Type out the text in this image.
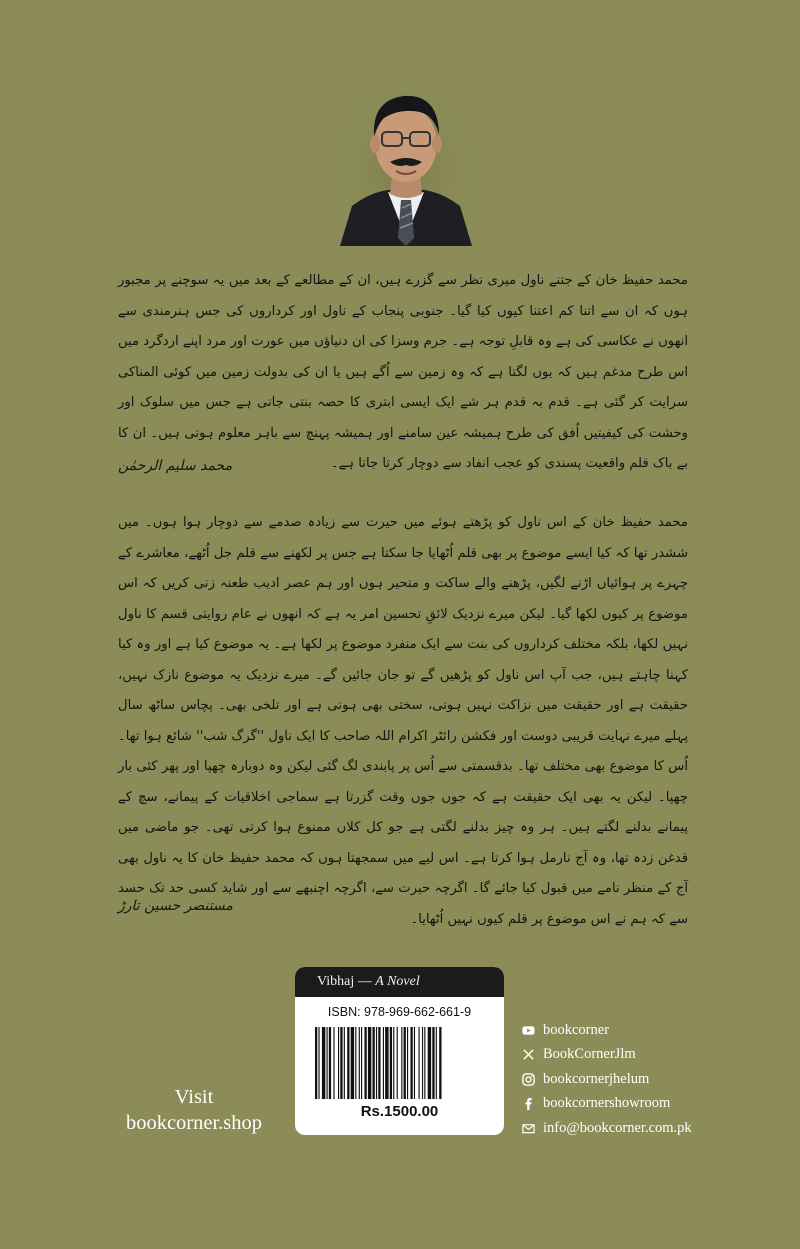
محمد حفیظ خان کے جتنے ناول میری نظر سے گزرے ہیں، ان کے مطالعے کے بعد میں یہ سوچنے پر مجبور ہوں کہ ان سے اتنا کم اعتنا کیوں کیا گیا۔ جنوبی پنجاب کے ناول اور کرداروں کی جس ہنرمندی سے انھوں نے عکاسی کی ہے وہ قابلِ توجہ ہے۔ جرم وسزا کی ان دنیاؤں میں عورت اور مرد اپنے اردگرد میں اس طرح مدغم ہیں کہ یوں لگتا ہے کہ وہ زمین سے اُگے ہیں یا ان کی بدولت زمین میں کوئی المناکی سرایت کر گئی ہے۔ قدم بہ قدم ہر شے ایک ایسی ابتری کا حصہ بنتی جاتی ہے جس میں سلوک اور وحشت کی کیفیتیں اُفق کی طرح ہمیشہ عین سامنے اور ہمیشہ پہنچ سے باہر معلوم ہوتی ہیں۔ ان کا بے باک قلم واقعیت پسندی کو عجب انفاد سے دوچار کرتا جاتا ہے۔

محمد سلیم الرحمٰن

محمد حفیظ خان کے اس ناول کو پڑھتے ہوئے میں حیرت سے زیادہ صدمے سے دوچار ہوا ہوں۔ میں ششدر تھا کہ کیا ایسے موضوع پر بھی قلم اُٹھایا جا سکتا ہے جس پر لکھنے سے قلم جل اُٹھے، معاشرے کے چہرے پر ہوائیاں اڑنے لگیں، پڑھنے والے ساکت و متحیر ہوں اور ہم عصر ادیب طعنہ زنی کریں کہ اس موضوع پر کیوں لکھا گیا۔ لیکن میرے نزدیک لائقِ تحسین امر یہ ہے کہ انھوں نے عام روایتی قسم کا ناول نہیں لکھا، بلکہ مختلف کرداروں کی بنت سے ایک منفرد موضوع پر لکھا ہے۔ یہ موضوع کیا ہے اور وہ کیا کہنا چاہتے ہیں، جب آپ اس ناول کو پڑھیں گے تو جان جائیں گے۔ میرے نزدیک یہ موضوع نازک نہیں، حقیقت ہے اور حقیقت میں نزاکت نہیں ہوتی، سختی بھی ہوتی ہے اور تلخی بھی۔ پچاس ساٹھ سال پہلے میرے نہایت قریبی دوست اور فکشن رائٹر اکرام اللہ صاحب کا ایک ناول ''گرگ شب'' شائع ہوا تھا۔ اُس کا موضوع بھی مختلف تھا۔ بدقسمتی سے اُس پر پابندی لگ گئی لیکن وہ دوبارہ چھپا اور پھر کئی بار چھپا۔ لیکن یہ بھی ایک حقیقت ہے کہ جوں جوں وقت گزرتا ہے سماجی اخلاقیات کے پیمانے، سچ کے پیمانے بدلنے لگتے ہیں۔ ہر وہ چیز بدلنے لگتی ہے جو کل کلاں ممنوع ہوا کرتی تھی۔ جو ماضی میں قدغن زدہ تھا، وہ آج نارمل ہوا کرتا ہے۔ اس لیے میں سمجھتا ہوں کہ محمد حفیظ خان کا یہ ناول بھی آج کے منظر نامے میں قبول کیا جائے گا۔ اگرچہ حیرت سے، اگرچہ اچنبھے سے اور شاید کسی حد تک حسد سے کہ ہم نے اس موضوع پر قلم کیوں نہیں اُٹھایا۔

مستنصر حسین تارڑ
Vibhaj — A Novel
ISBN: 978-969-662-661-9
Rs.1500.00
Visit
bookcorner.shop
bookcorner
BookCornerJlm
bookcornerjhelum
bookcornershowroom
info@bookcorner.com.pk
